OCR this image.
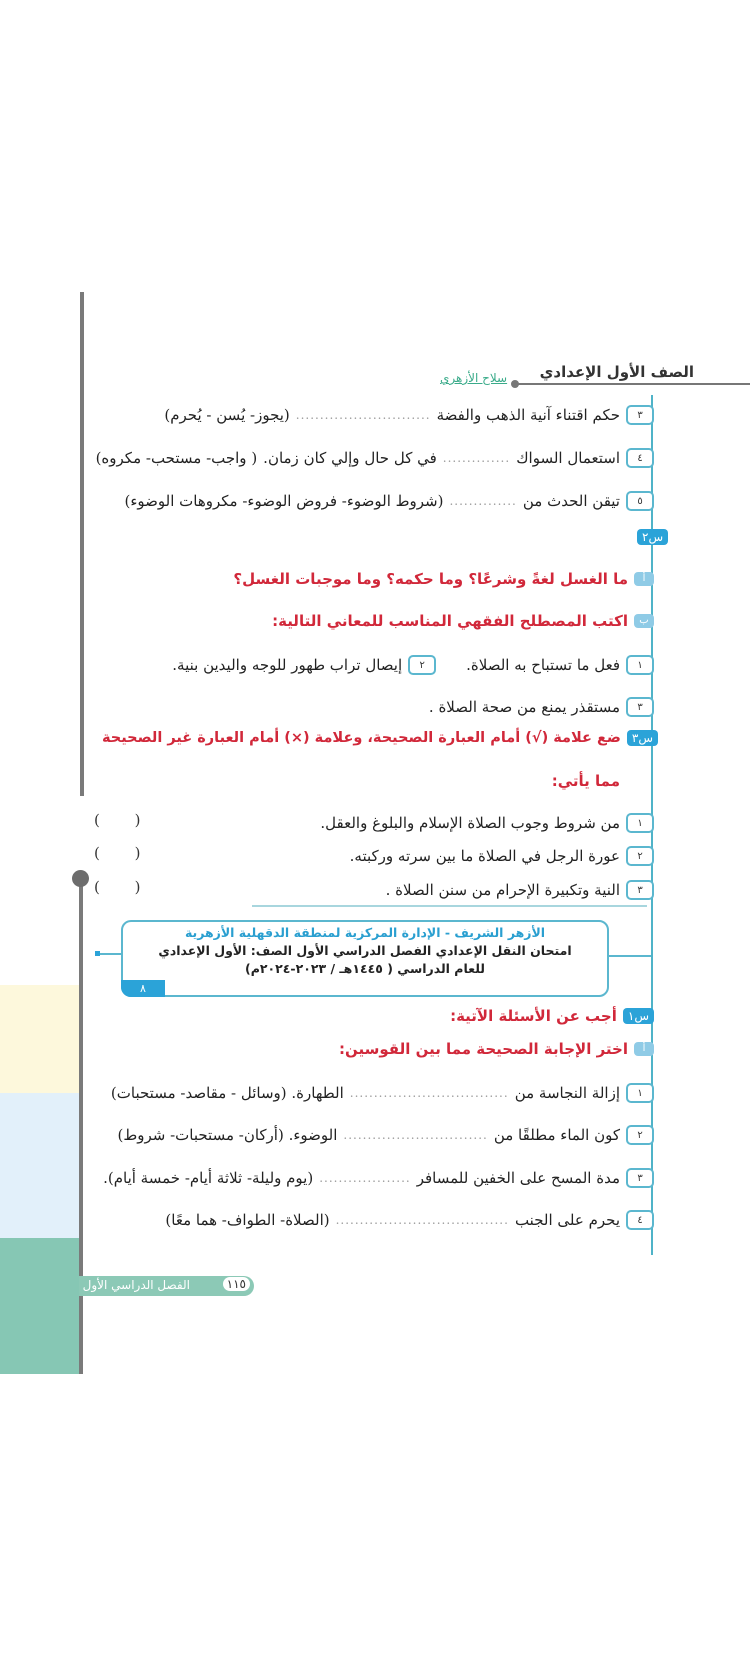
الصف الأول الإعدادي
سلاح الأزهري
٣
حكم اقتناء آنية الذهب والفضة
............................
(يجوز- يُسن - يُحرم)
٤
استعمال السواك
..............
في كل حال وإلي كان زمان.
( واجب- مستحب- مكروه)
٥
تيقن الحدث من
..............
(شروط الوضوء- فروض الوضوء- مكروهات الوضوء)
س٢
أ
ما الغسل لغةً وشرعًا؟ وما حكمه؟ وما موجبات الغسل؟
ب
اكتب المصطلح الفقهي المناسب للمعاني التالية:
١
فعل ما تستباح به الصلاة.
٢
إيصال تراب طهور للوجه واليدين بنية.
٣
مستقذر يمنع من صحة الصلاة .
س٣
ضع علامة (√) أمام العبارة الصحيحة، وعلامة (×) أمام العبارة غير الصحيحة
مما يأتي:
١
من شروط وجوب الصلاة الإسلام والبلوغ والعقل.
( )
٢
عورة الرجل في الصلاة ما بين سرته وركبته.
( )
٣
النية وتكبيرة الإحرام من سنن الصلاة .
( )
الأزهر الشريف - الإدارة المركزية لمنطقة الدقهلية الأزهرية
امتحان النقل الإعدادي الفصل الدراسي الأول الصف: الأول الإعدادي
للعام الدراسي ( ١٤٤٥هـ / ٢٠٢٣-٢٠٢٤م)
٨
س١
أجب عن الأسئلة الآتية:
أ
اختر الإجابة الصحيحة مما بين القوسين:
١
إزالة النجاسة من
.................................
الطهارة. (وسائل - مقاصد- مستحبات)
٢
كون الماء مطلقًا من
..............................
الوضوء. (أركان- مستحبات- شروط)
٣
مدة المسح على الخفين للمسافر
...................
(يوم وليلة- ثلاثة أيام- خمسة أيام).
٤
يحرم على الجنب
....................................
(الصلاة- الطواف- هما معًا)
الفصل الدراسي الأول	١١٥
